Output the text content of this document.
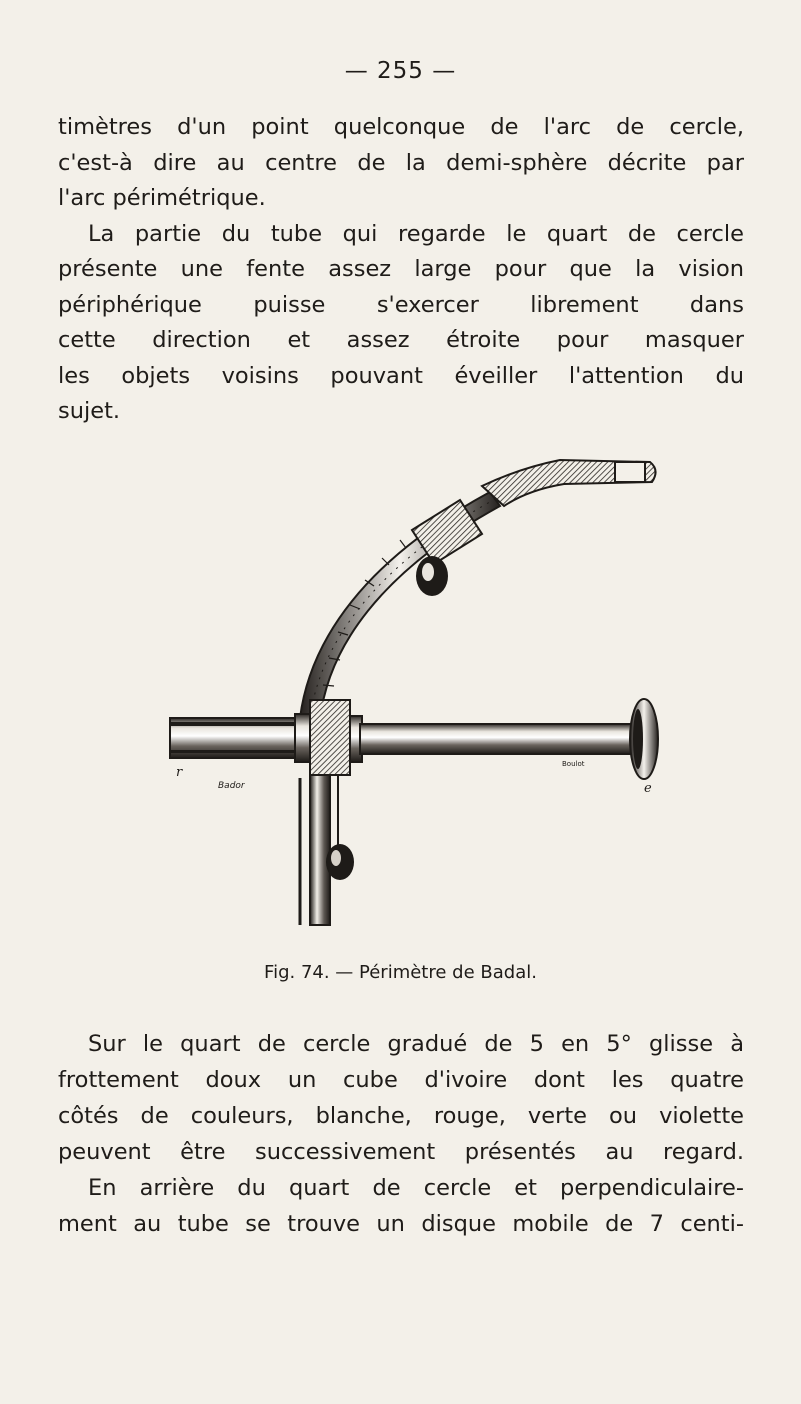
— 255 —
timètres d'un point quelconque de l'arc de cercle,
c'est-à dire au centre de la demi-sphère décrite par
l'arc périmétrique.
La partie du tube qui regarde le quart de cercle
présente une fente assez large pour que la vision
périphérique puisse s'exercer librement dans
cette direction et assez étroite pour masquer
les objets voisins pouvant éveiller l'attention du
sujet.
r
e
Bador
Boulot
Fig. 74. — Périmètre de Badal.
Sur le quart de cercle gradué de 5 en 5° glisse à
frottement doux un cube d'ivoire dont les quatre
côtés de couleurs, blanche, rouge, verte ou violette
peuvent être successivement présentés au regard.
En arrière du quart de cercle et perpendiculaire-
ment au tube se trouve un disque mobile de 7 centi-
